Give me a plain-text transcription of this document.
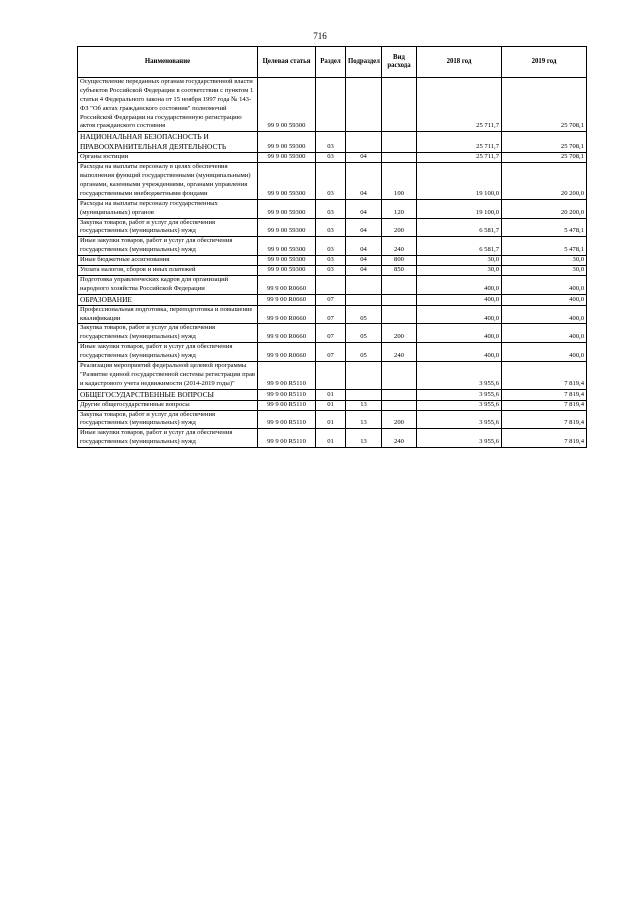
716
Наименование	Целевая статья	Раздел	Подраздел	Вид расхода	2018 год	2019 год
Осуществление переданных органам государственной власти субъектов Российской Федерации в соответствии с пунктом 1 статьи 4 Федерального закона от 15 ноября 1997 года № 143-ФЗ "Об актах гражданского состояния" полномочий Российской Федерации на государственную регистрацию актов гражданского состояния	99 9 00 59300				25 711,7	25 708,1
НАЦИОНАЛЬНАЯ БЕЗОПАСНОСТЬ И ПРАВООХРАНИТЕЛЬНАЯ ДЕЯТЕЛЬНОСТЬ	99 9 00 59300	03			25 711,7	25 708,1
Органы юстиции	99 9 00 59300	03	04		25 711,7	25 708,1
Расходы на выплаты персоналу в целях обеспечения выполнения функций государственными (муниципальными) органами, казенными учреждениями, органами управления государственными внебюджетными фондами	99 9 00 59300	03	04	100	19 100,0	20 200,0
Расходы на выплаты персоналу государственных (муниципальных) органов	99 9 00 59300	03	04	120	19 100,0	20 200,0
Закупка товаров, работ и услуг для обеспечения государственных (муниципальных) нужд	99 9 00 59300	03	04	200	6 581,7	5 478,1
Иные закупки товаров, работ и услуг для обеспечения государственных (муниципальных) нужд	99 9 00 59300	03	04	240	6 581,7	5 478,1
Иные бюджетные ассигнования	99 9 00 59300	03	04	800	30,0	30,0
Уплата налогов, сборов и иных платежей	99 9 00 59300	03	04	850	30,0	30,0
Подготовка управленческих кадров для организаций народного хозяйства Российской Федерации	99 9 00 R0660				400,0	400,0
ОБРАЗОВАНИЕ	99 9 00 R0660	07			400,0	400,0
Профессиональная подготовка, переподготовка и повышение квалификации	99 9 00 R0660	07	05		400,0	400,0
Закупка товаров, работ и услуг для обеспечения государственных (муниципальных) нужд	99 9 00 R0660	07	05	200	400,0	400,0
Иные закупки товаров, работ и услуг для обеспечения государственных (муниципальных) нужд	99 9 00 R0660	07	05	240	400,0	400,0
Реализация мероприятий федеральной целевой программы "Развитие единой государственной системы регистрации прав и кадастрового учета недвижимости (2014-2019 годы)"	99 9 00 R5110				3 955,6	7 819,4
ОБЩЕГОСУДАРСТВЕННЫЕ ВОПРОСЫ	99 9 00 R5110	01			3 955,6	7 819,4
Другие общегосударственные вопросы	99 9 00 R5110	01	13		3 955,6	7 819,4
Закупка товаров, работ и услуг для обеспечения государственных (муниципальных) нужд	99 9 00 R5110	01	13	200	3 955,6	7 819,4
Иные закупки товаров, работ и услуг для обеспечения государственных (муниципальных) нужд	99 9 00 R5110	01	13	240	3 955,6	7 819,4
